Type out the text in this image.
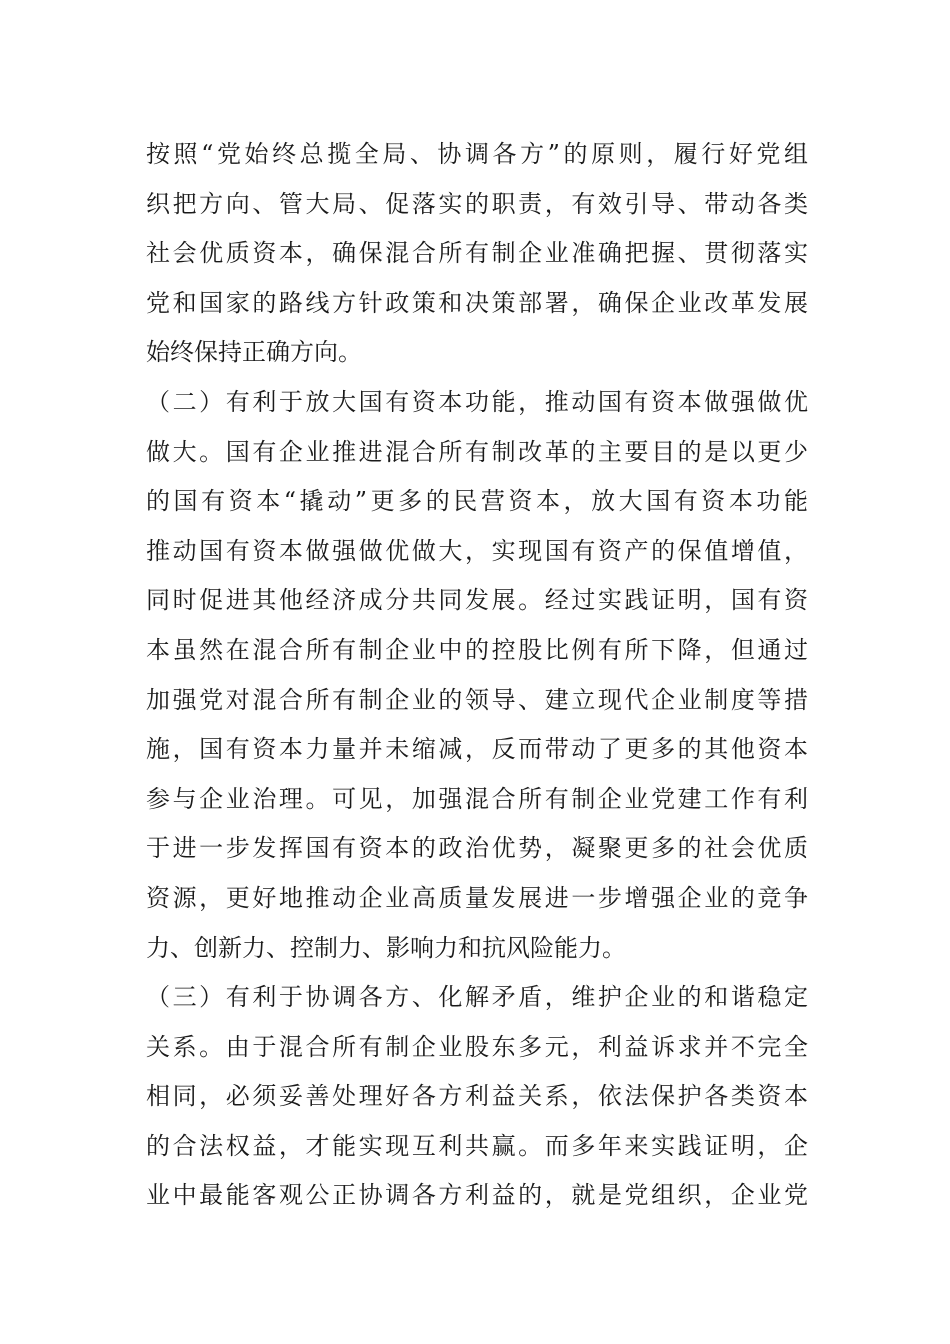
按照“党始终总揽全局、协调各方”的原则，履行好党组
织把方向、管大局、促落实的职责，有效引导、带动各类
社会优质资本，确保混合所有制企业准确把握、贯彻落实
党和国家的路线方针政策和决策部署，确保企业改革发展
始终保持正确方向。
（二）有利于放大国有资本功能，推动国有资本做强做优
做大。国有企业推进混合所有制改革的主要目的是以更少
的国有资本“撬动”更多的民营资本，放大国有资本功能
推动国有资本做强做优做大，实现国有资产的保值增值，
同时促进其他经济成分共同发展。经过实践证明，国有资
本虽然在混合所有制企业中的控股比例有所下降，但通过
加强党对混合所有制企业的领导、建立现代企业制度等措
施，国有资本力量并未缩减，反而带动了更多的其他资本
参与企业治理。可见，加强混合所有制企业党建工作有利
于进一步发挥国有资本的政治优势，凝聚更多的社会优质
资源，更好地推动企业高质量发展进一步增强企业的竞争
力、创新力、控制力、影响力和抗风险能力。
（三）有利于协调各方、化解矛盾，维护企业的和谐稳定
关系。由于混合所有制企业股东多元，利益诉求并不完全
相同，必须妥善处理好各方利益关系，依法保护各类资本
的合法权益，才能实现互利共赢。而多年来实践证明，企
业中最能客观公正协调各方利益的，就是党组织，企业党
